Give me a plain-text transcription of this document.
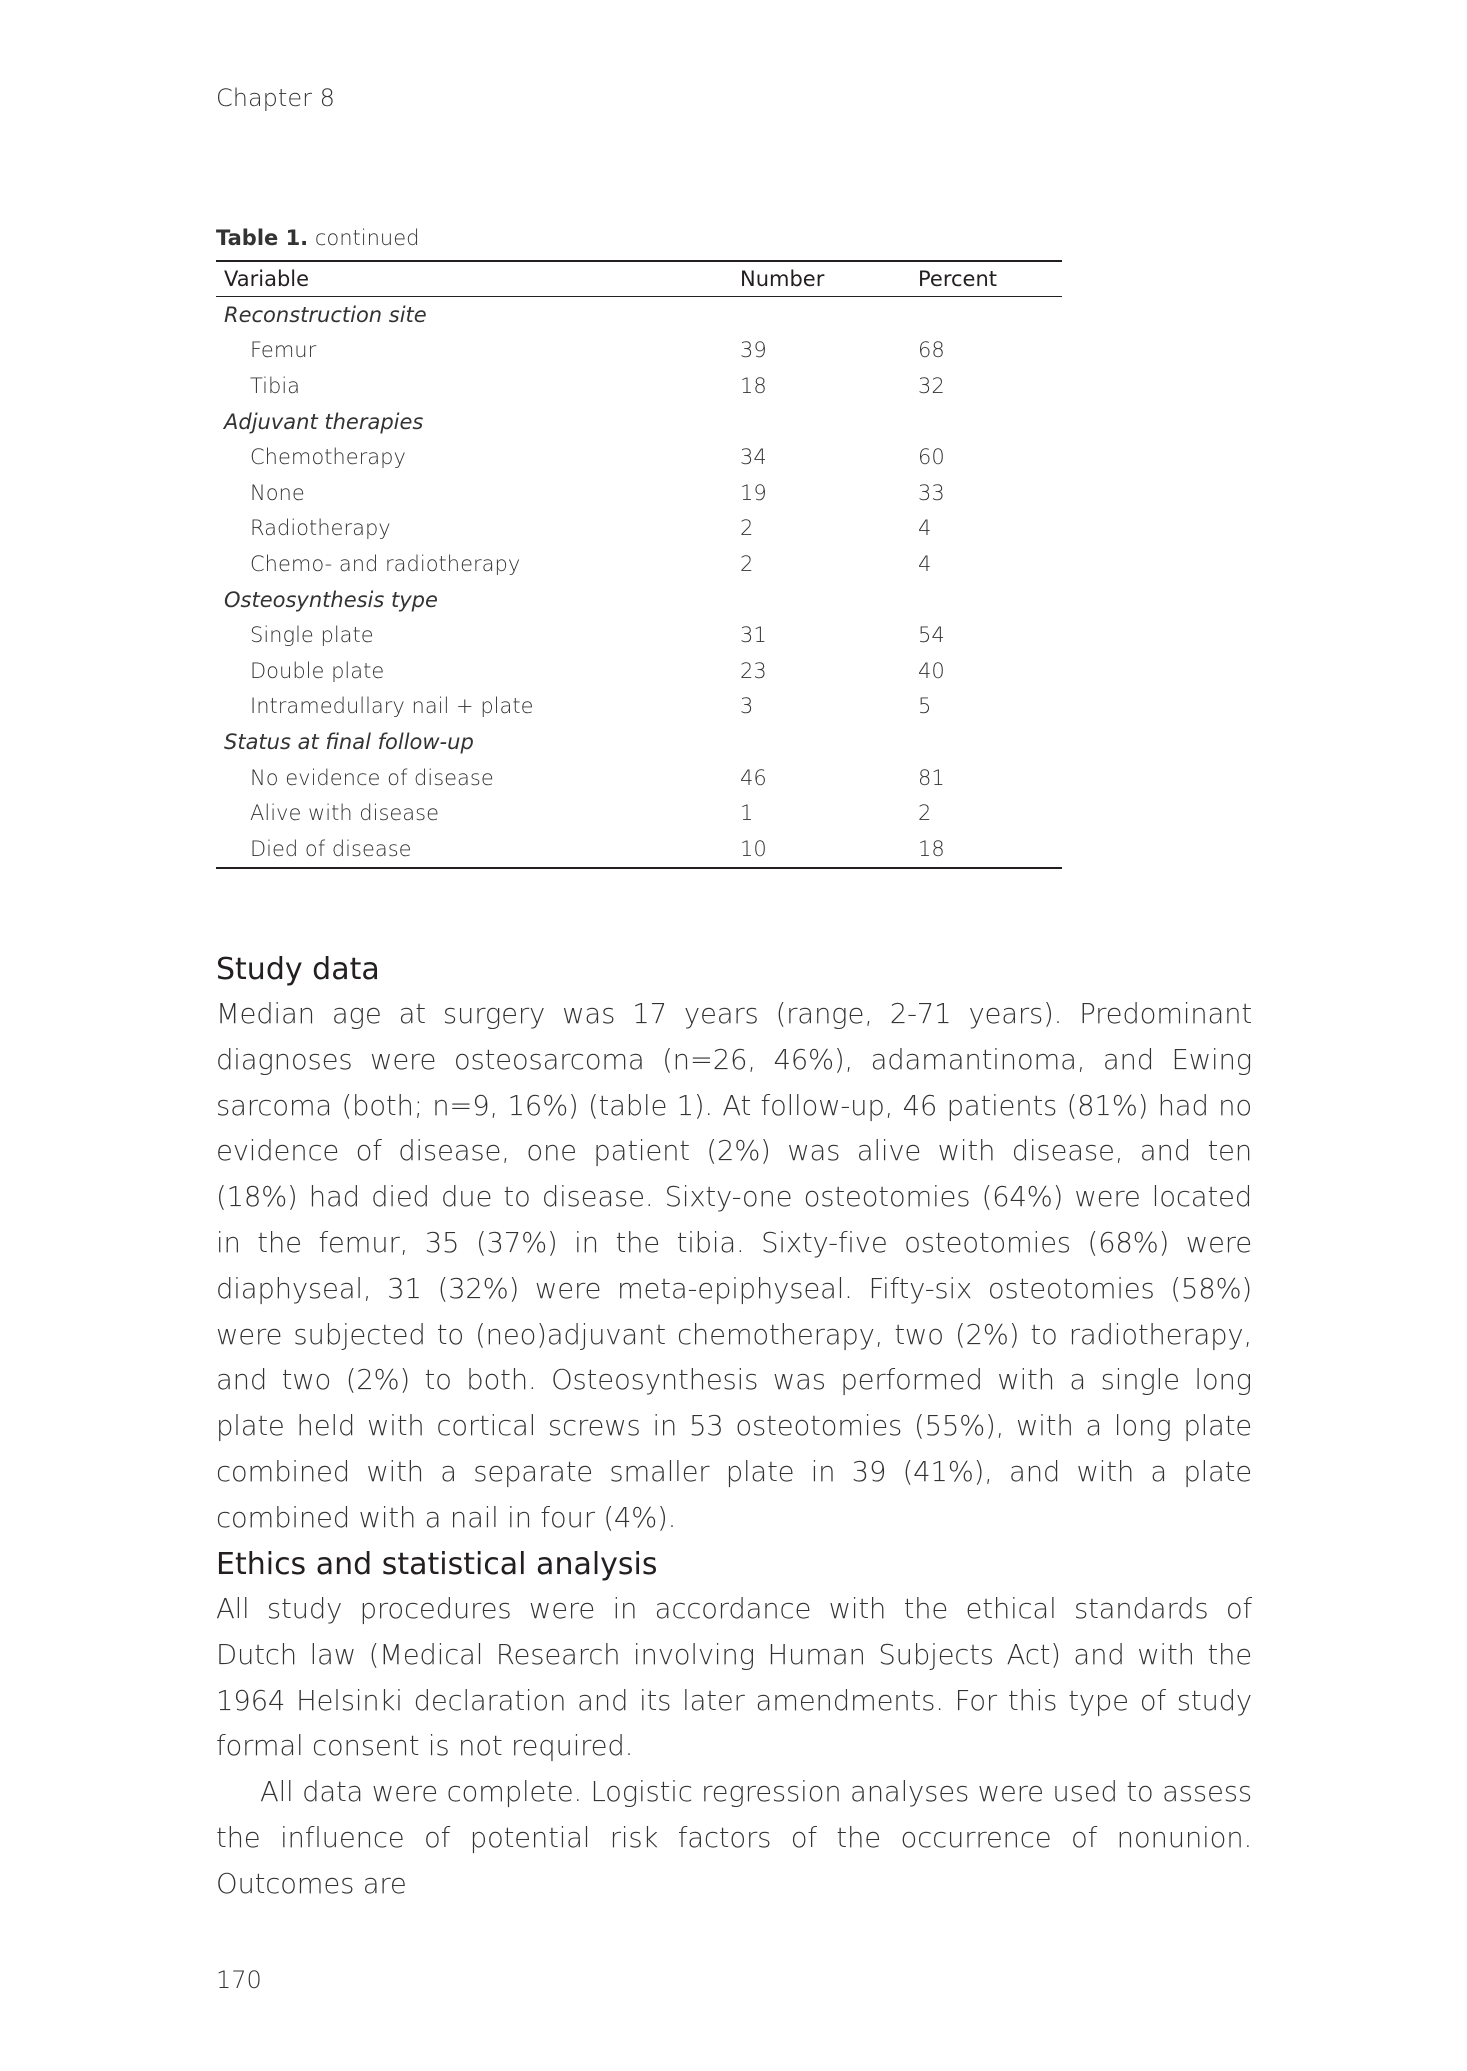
Chapter 8
Table 1. continued
Variable	Number	Percent
Reconstruction site		
Femur	39	68
Tibia	18	32
Adjuvant therapies		
Chemotherapy	34	60
None	19	33
Radiotherapy	2	4
Chemo- and radiotherapy	2	4
Osteosynthesis type		
Single plate	31	54
Double plate	23	40
Intramedullary nail + plate	3	5
Status at final follow-up		
No evidence of disease	46	81
Alive with disease	1	2
Died of disease	10	18
Study data

Median age at surgery was 17 years (range, 2-71 years). Predominant diagnoses were osteosarcoma (n=26, 46%), adamantinoma, and Ewing sarcoma (both; n=9, 16%) (table 1). At follow-up, 46 patients (81%) had no evidence of disease, one patient (2%) was alive with disease, and ten (18%) had died due to disease. Sixty-one osteotomies (64%) were located in the femur, 35 (37%) in the tibia. Sixty-five osteotomies (68%) were diaphyseal, 31 (32%) were meta-epiphyseal. Fifty-six osteotomies (58%) were subjected to (neo)adjuvant chemotherapy, two (2%) to radiotherapy, and two (2%) to both. Osteosynthesis was performed with a single long plate held with cortical screws in 53 osteotomies (55%), with a long plate combined with a separate smaller plate in 39 (41%), and with a plate combined with a nail in four (4%).

Ethics and statistical analysis

All study procedures were in accordance with the ethical standards of Dutch law (Medical Research involving Human Subjects Act) and with the 1964 Helsinki declaration and its later amendments. For this type of study formal consent is not required.

All data were complete. Logistic regression analyses were used to assess the influence of potential risk factors of the occurrence of nonunion. Outcomes are

170
